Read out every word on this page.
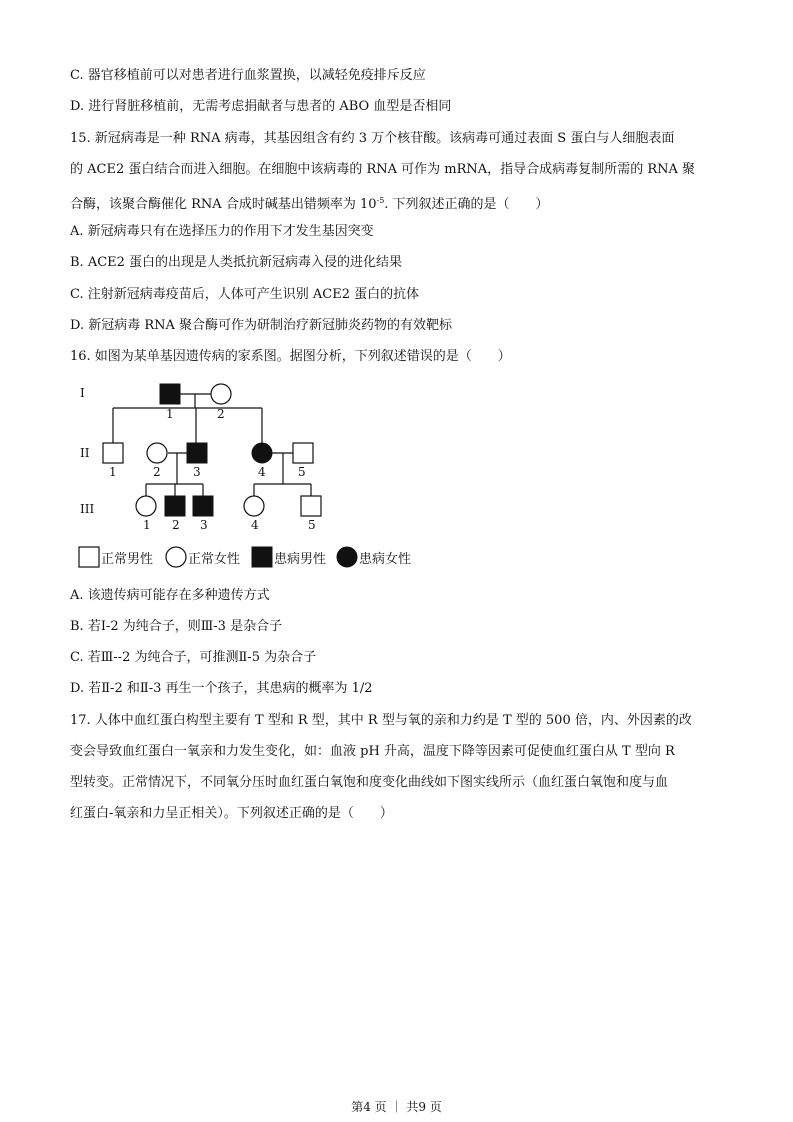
C. 器官移植前可以对患者进行血浆置换，以减轻免疫排斥反应
D. 进行肾脏移植前，无需考虑捐献者与患者的 ABO 血型是否相同
15. 新冠病毒是一种 RNA 病毒，其基因组含有约 3 万个核苷酸。该病毒可通过表面 S 蛋白与人细胞表面
的 ACE2 蛋白结合而进入细胞。在细胞中该病毒的 RNA 可作为 mRNA，指导合成病毒复制所需的 RNA 聚
合酶，该聚合酶催化 RNA 合成时碱基出错频率为 $10^{-5}$. 下列叙述正确的是（　　）
A. 新冠病毒只有在选择压力的作用下才发生基因突变
B. ACE2 蛋白的出现是人类抵抗新冠病毒入侵的进化结果
C. 注射新冠病毒疫苗后，人体可产生识别 ACE2 蛋白的抗体
D. 新冠病毒 RNA 聚合酶可作为研制治疗新冠肺炎药物的有效靶标
16. 如图为某单基因遗传病的家系图。据图分析，下列叙述错误的是（　　）
I
II
III
1	2
1	2	3	4	5
1 2 3	4	5
正常男性	正常女性	患病男性	患病女性
A. 该遗传病可能存在多种遗传方式
B. 若Ⅰ-2 为纯合子，则Ⅲ-3 是杂合子
C. 若Ⅲ--2 为纯合子，可推测Ⅱ-5 为杂合子
D. 若Ⅱ-2 和Ⅱ-3 再生一个孩子，其患病的概率为 1/2
17. 人体中血红蛋白构型主要有 T 型和 R 型，其中 R 型与氧的亲和力约是 T 型的 500 倍，内、外因素的改
变会导致血红蛋白一氧亲和力发生变化，如：血液 pH 升高，温度下降等因素可促使血红蛋白从 T 型向 R
型转变。正常情况下，不同氧分压时血红蛋白氧饱和度变化曲线如下图实线所示（血红蛋白氧饱和度与血
红蛋白-氧亲和力呈正相关）。下列叙述正确的是（　　）
第4 页 ｜ 共9 页
